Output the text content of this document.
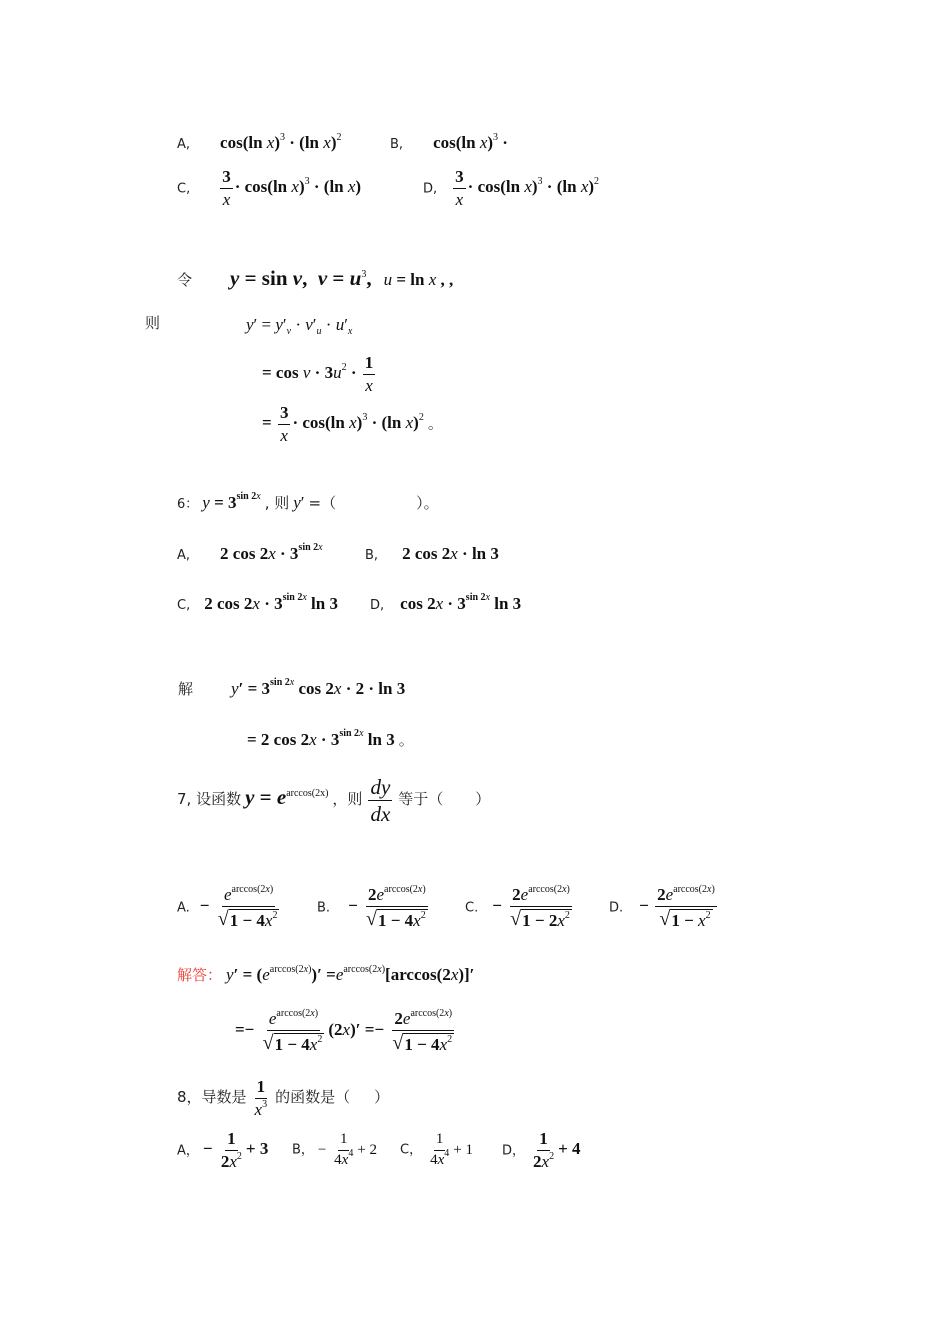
A, cos(ln x)$^3$ · (ln x)$^2$	B, cos(ln x)$^3$ ·
C, $\frac{3}{x} \cdot \cos(\ln$ x)$^3$ · (ln x)	D, $\frac{3}{x} \cdot \cos(\ln$ x)$^3$ · (ln x)$^2$
令 y = sin v,  $v = u^3$, u = ln x , ,
则	$y' = y'_v \cdot v'_u \cdot u'_x$
= $\cos v \cdot 3u^2 \cdot \frac{1}{x}$
= $\frac{3}{x} \cdot \cos(\ln$ x)$^3$ · (ln x)$^2$ 。
6： $y = 3^{sin 2x}$ , 则 y′ =（	）。
A, 2 $\cos 2x \cdot 3^{sin 2x}$
B, 2 cos 2x · ln 3
C, 2 $\cos 2x \cdot 3^{sin 2x}$ ln 3 D, $\cos 2x \cdot 3^{sin 2x}$ ln 3
解 $y' = 3^{sin 2x}$ cos 2x · 2 · ln 3
= 2 $\cos 2x \cdot 3^{sin 2x}$ ln 3 。
7, 设函数 $y = e^{arccos(2x)}$ ，则 $\frac{dy}{dx}$ 等于（ ）
A. − $\frac{e^{arccos(2x)}}{√ 1 - 4x^2}$	B. − $\frac{2e^{arccos(2x)}}{√ 1 - 4x^2}$	C. − $\frac{2e^{arccos(2x)}}{√ 1 - 2x^2}$	D. − $\frac{2e^{arccos(2x)}}{√ 1 - x^2}$
解答： $y' = (e^{arccos(2x)})' =e^{arccos(2x)}[\arccos(2x)]'$
=− $\frac{e^{arccos(2x)}}{√ 1 - 4x^2} (2x)' =- \frac{2e^{arccos(2x)}}{√ 1 - 4x^2}$
8，导数是 $\frac{1}{x^3}$ 的函数是（ ）
A， − $\frac{1}{2x^2} + 3$ B， − $\frac{1}{4x^4} + 2$ C， $\frac{1}{4x^4} + 1$ D， $\frac{1}{2x^2} + 4$
